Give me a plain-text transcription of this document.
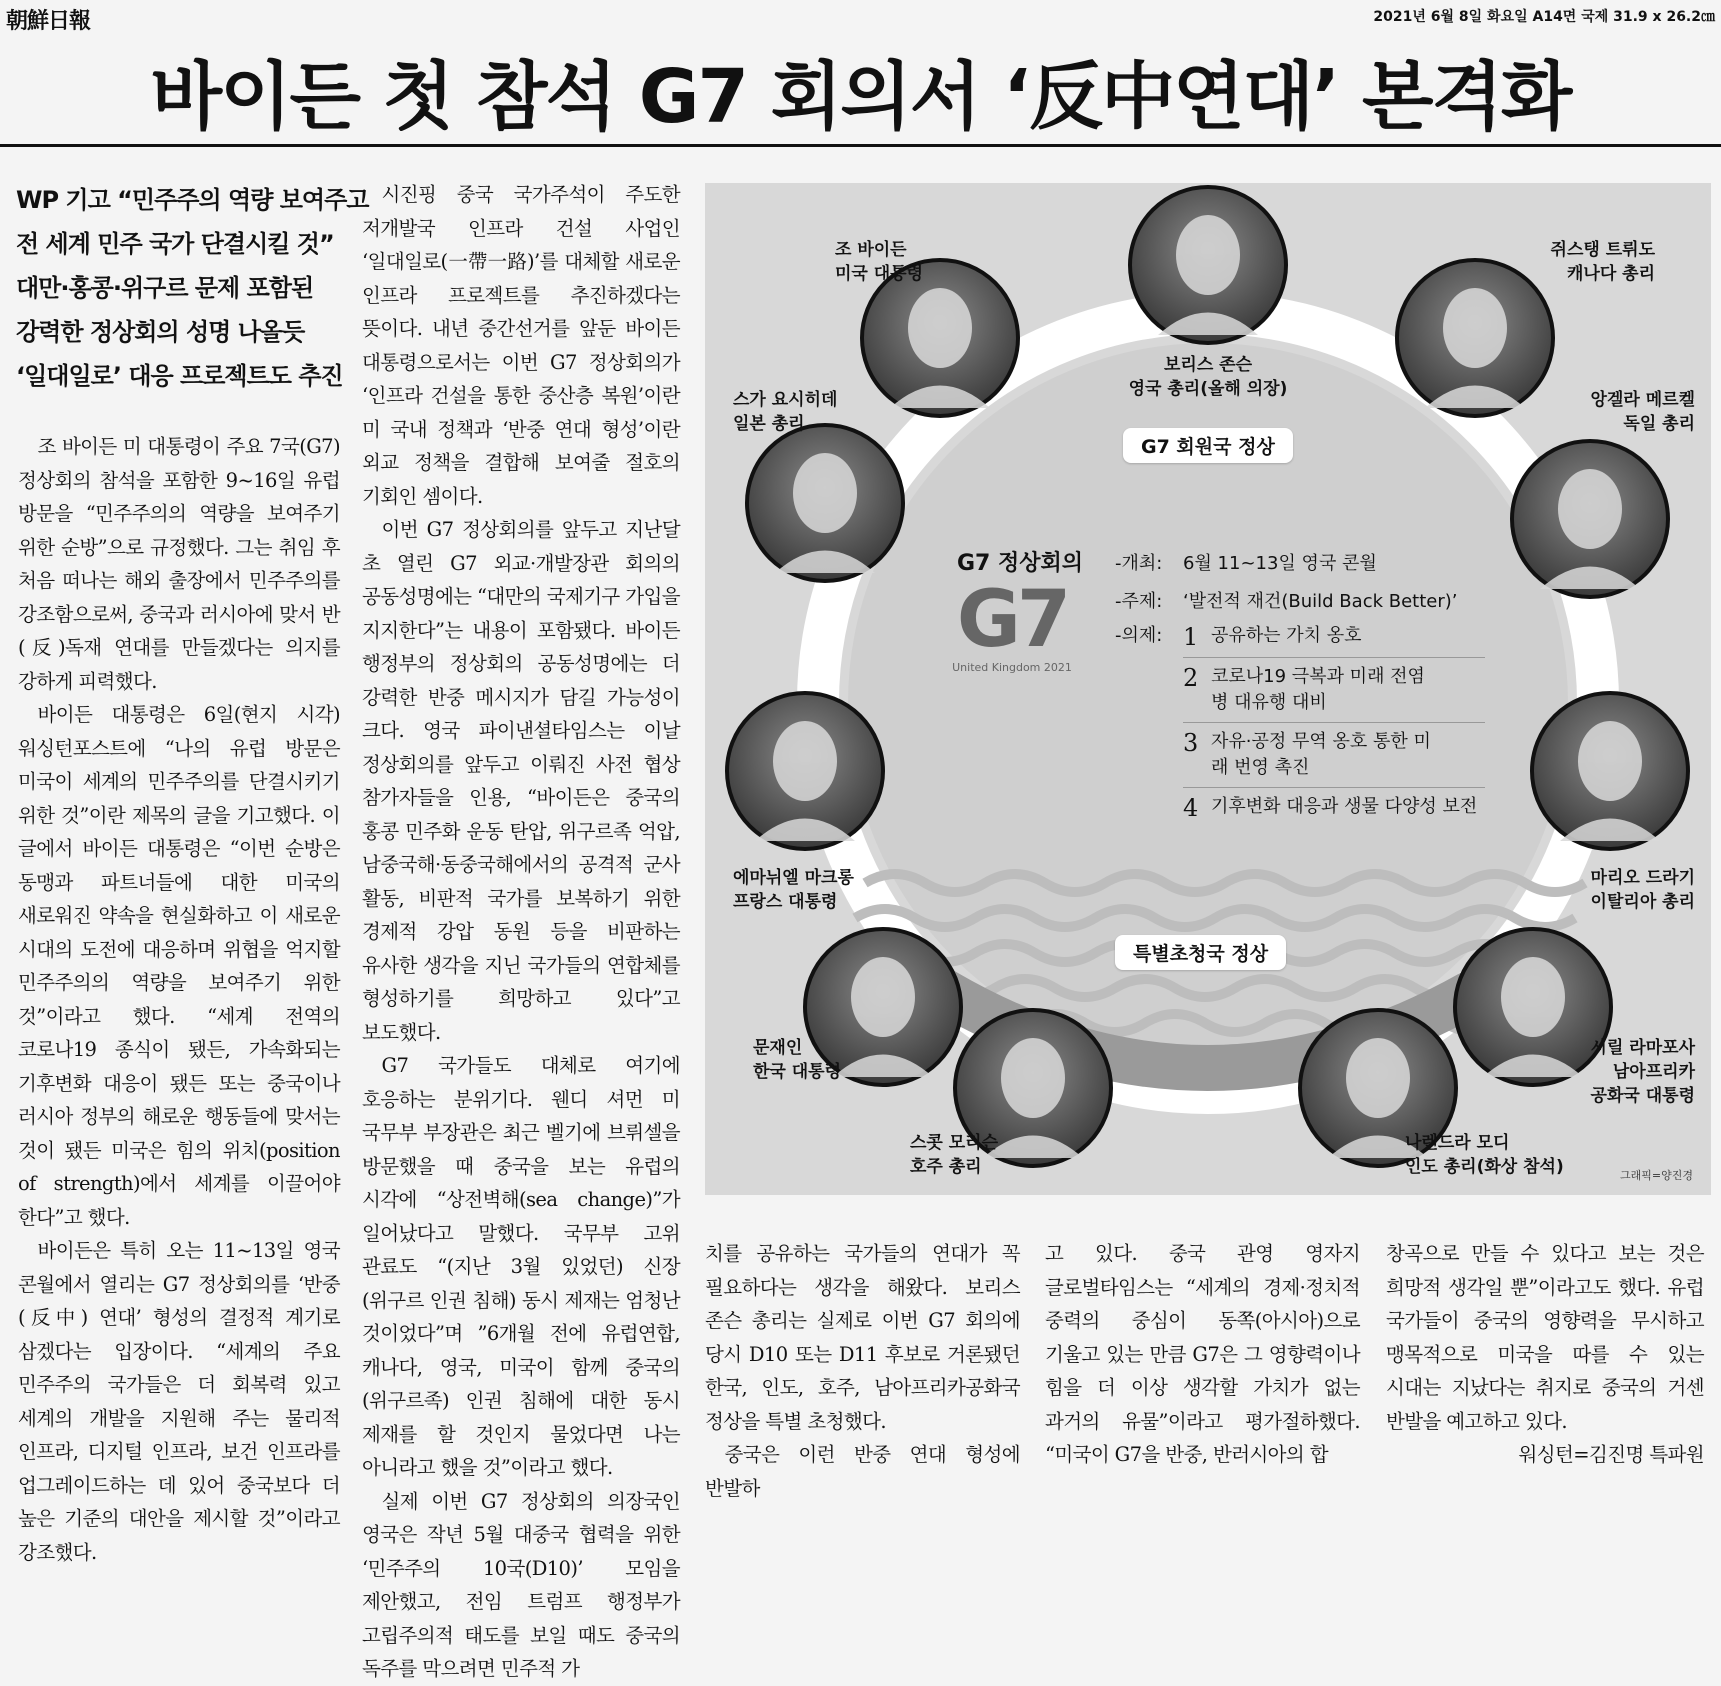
朝鮮日報	2021년 6월 8일 화요일 A14면 국제 31.9 x 26.2㎝
바이든 첫 참석 G7 회의서 ‘反中연대’ 본격화
WP 기고 “민주주의 역량 보여주고
전 세계 민주 국가 단결시킬 것”
대만·홍콩·위구르 문제 포함된
강력한 정상회의 성명 나올듯
‘일대일로’ 대응 프로젝트도 추진

조 바이든 미 대통령이 주요 7국(G7) 정상회의 참석을 포함한 9~16일 유럽 방문을 “민주주의의 역량을 보여주기 위한 순방”으로 규정했다. 그는 취임 후 처음 떠나는 해외 출장에서 민주주의를 강조함으로써, 중국과 러시아에 맞서 반(反)독재 연대를 만들겠다는 의지를 강하게 피력했다.

바이든 대통령은 6일(현지 시각) 워싱턴포스트에 “나의 유럽 방문은 미국이 세계의 민주주의를 단결시키기 위한 것”이란 제목의 글을 기고했다. 이 글에서 바이든 대통령은 “이번 순방은 동맹과 파트너들에 대한 미국의 새로워진 약속을 현실화하고 이 새로운 시대의 도전에 대응하며 위협을 억지할 민주주의의 역량을 보여주기 위한 것”이라고 했다. “세계 전역의 코로나19 종식이 됐든, 가속화되는 기후변화 대응이 됐든 또는 중국이나 러시아 정부의 해로운 행동들에 맞서는 것이 됐든 미국은 힘의 위치(position of strength)에서 세계를 이끌어야 한다”고 했다.

바이든은 특히 오는 11~13일 영국 콘월에서 열리는 G7 정상회의를 ‘반중(反中) 연대’ 형성의 결정적 계기로 삼겠다는 입장이다. “세계의 주요 민주주의 국가들은 더 회복력 있고 세계의 개발을 지원해 주는 물리적 인프라, 디지털 인프라, 보건 인프라를 업그레이드하는 데 있어 중국보다 더 높은 기준의 대안을 제시할 것”이라고 강조했다.

시진핑 중국 국가주석이 주도한 저개발국 인프라 건설 사업인 ‘일대일로(一帶一路)’를 대체할 새로운 인프라 프로젝트를 추진하겠다는 뜻이다. 내년 중간선거를 앞둔 바이든 대통령으로서는 이번 G7 정상회의가 ‘인프라 건설을 통한 중산층 복원’이란 미 국내 정책과 ‘반중 연대 형성’이란 외교 정책을 결합해 보여줄 절호의 기회인 셈이다.

이번 G7 정상회의를 앞두고 지난달 초 열린 G7 외교·개발장관 회의의 공동성명에는 “대만의 국제기구 가입을 지지한다”는 내용이 포함됐다. 바이든 행정부의 정상회의 공동성명에는 더 강력한 반중 메시지가 담길 가능성이 크다. 영국 파이낸셜타임스는 이날 정상회의를 앞두고 이뤄진 사전 협상 참가자들을 인용, “바이든은 중국의 홍콩 민주화 운동 탄압, 위구르족 억압, 남중국해·동중국해에서의 공격적 군사 활동, 비판적 국가를 보복하기 위한 경제적 강압 동원 등을 비판하는 유사한 생각을 지닌 국가들의 연합체를 형성하기를 희망하고 있다”고 보도했다.

G7 국가들도 대체로 여기에 호응하는 분위기다. 웬디 셔먼 미 국무부 부장관은 최근 벨기에 브뤼셀을 방문했을 때 중국을 보는 유럽의 시각에 “상전벽해(sea change)”가 일어났다고 말했다. 국무부 고위 관료도 “(지난 3월 있었던) 신장(위구르 인권 침해) 동시 제재는 엄청난 것이었다”며 ”6개월 전에 유럽연합, 캐나다, 영국, 미국이 함께 중국의 (위구르족) 인권 침해에 대한 동시 제재를 할 것인지 물었다면 나는 아니라고 했을 것”이라고 했다.

실제 이번 G7 정상회의 의장국인 영국은 작년 5월 대중국 협력을 위한 ‘민주주의 10국(D10)’ 모임을 제안했고, 전임 트럼프 행정부가 고립주의적 태도를 보일 때도 중국의 독주를 막으려면 민주적 가

치를 공유하는 국가들의 연대가 꼭 필요하다는 생각을 해왔다. 보리스 존슨 총리는 실제로 이번 G7 회의에 당시 D10 또는 D11 후보로 거론됐던 한국, 인도, 호주, 남아프리카공화국 정상을 특별 초청했다.

중국은 이런 반중 연대 형성에 반발하

고 있다. 중국 관영 영자지 글로벌타임스는 “세계의 경제·정치적 중력의 중심이 동쪽(아시아)으로 기울고 있는 만큼 G7은 그 영향력이나 힘을 더 이상 생각할 가치가 없는 과거의 유물”이라고 평가절하했다. “미국이 G7을 반중, 반러시아의 합

창곡으로 만들 수 있다고 보는 것은 희망적 생각일 뿐”이라고도 했다. 유럽 국가들이 중국의 영향력을 무시하고 맹목적으로 미국을 따를 수 있는 시대는 지났다는 취지로 중국의 거센 반발을 예고하고 있다.

워싱턴=김진명 특파원
조 바이든
미국 대통령
보리스 존슨
영국 총리(올해 의장)
쥐스탱 트뤼도
캐나다 총리
스가 요시히데
일본 총리
앙겔라 메르켈
독일 총리
에마뉘엘 마크롱
프랑스 대통령
마리오 드라기
이탈리아 총리
문재인
한국 대통령
시릴 라마포사
남아프리카
공화국 대통령
스콧 모리슨
호주 총리
나렌드라 모디
인도 총리(화상 참석)
G7 회원국 정상
특별초청국 정상
G7 정상회의
G7
United Kingdom 2021
-개최:	6월 11~13일 영국 콘월
-주제:	‘발전적 재건(Build Back Better)’
-의제: 1 공유하는 가치 옹호
2 코로나19 극복과 미래 전염병 대유행 대비
3 자유·공정 무역 옹호 통한 미래 번영 촉진
4 기후변화 대응과 생물 다양성 보전
그래픽=양진경
